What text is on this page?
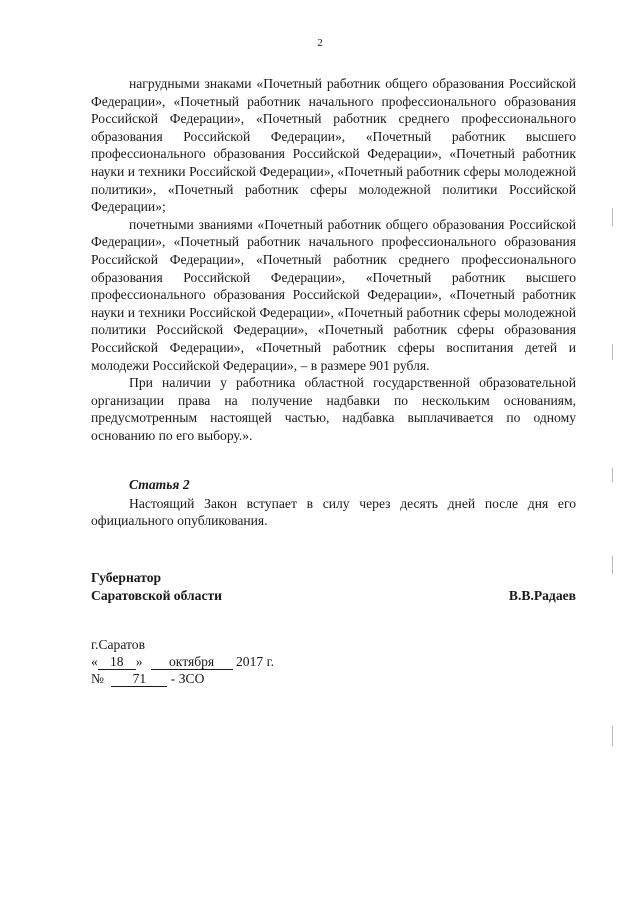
2

нагрудными знаками «Почетный работник общего образования Российской Федерации», «Почетный работник начального профессионального образования Российской Федерации», «Почетный работник среднего профессионального образования Российской Федерации», «Почетный работник высшего профессионального образования Российской Федерации», «Почетный работник науки и техники Российской Федерации», «Почетный работник сферы молодежной политики», «Почетный работник сферы молодежной политики Российской Федерации»;

почетными званиями «Почетный работник общего образования Российской Федерации», «Почетный работник начального профессионального образования Российской Федерации», «Почетный работник среднего профессионального образования Российской Федерации», «Почетный работник высшего профессионального образования Российской Федерации», «Почетный работник науки и техники Российской Федерации», «Почетный работник сферы молодежной политики Российской Федерации», «Почетный работник сферы образования Российской Федерации», «Почетный работник сферы воспитания детей и молодежи Российской Федерации», – в размере 901 рубля.

При наличии у работника областной государственной образовательной организации права на получение надбавки по нескольким основаниям, предусмотренным настоящей частью, надбавка выплачивается по одному основанию по его выбору.».

Статья 2

Настоящий Закон вступает в силу через десять дней после дня его официального опубликования.

Губернатор
Саратовской области	В.В.Радаев
г.Саратов
« 18 » октября 2017 г.
№ 71 - ЗСО
